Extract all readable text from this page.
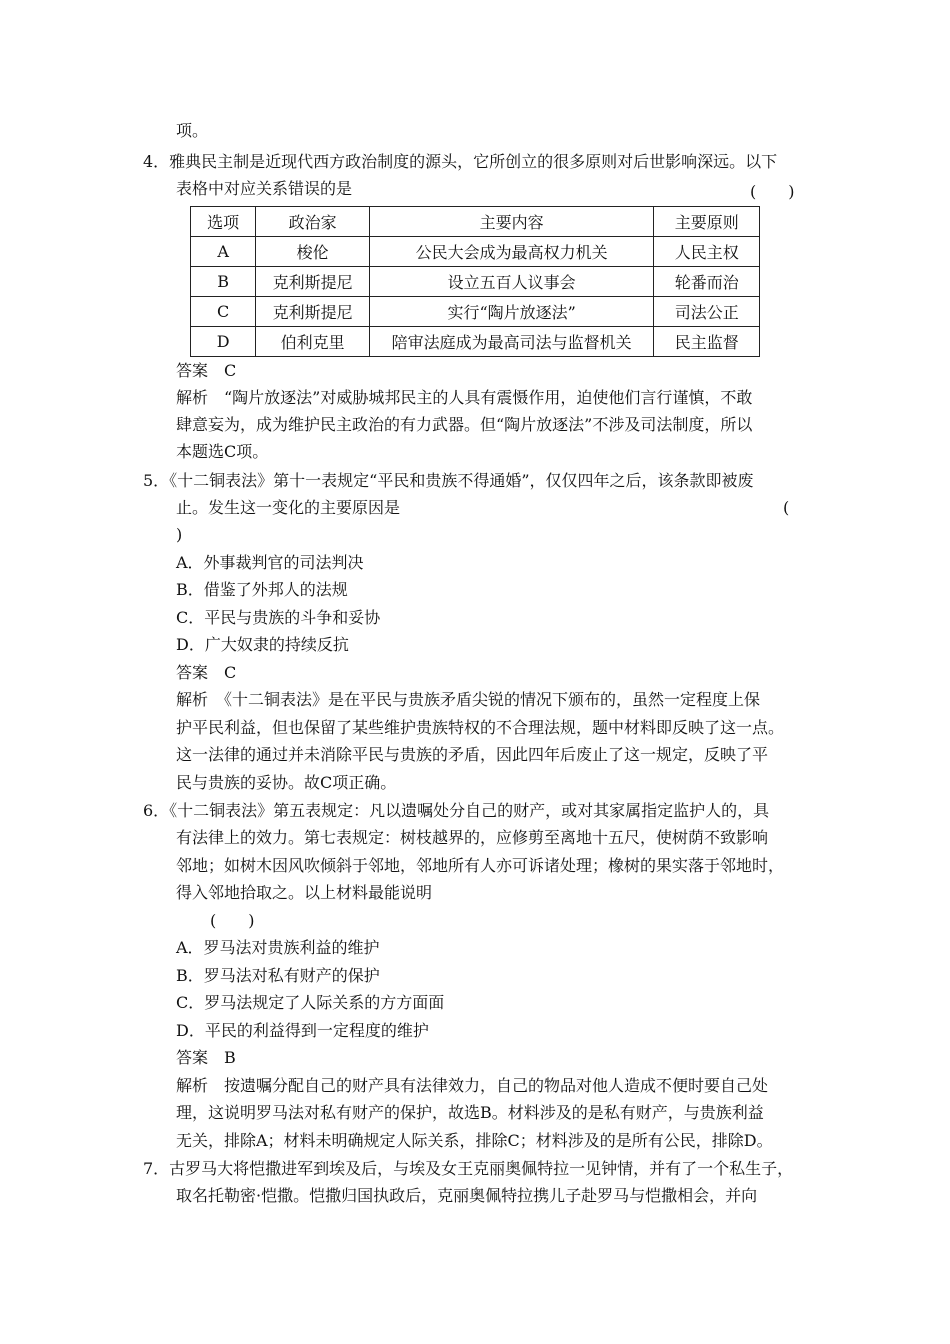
项。
4．雅典民主制是近现代西方政治制度的源头，它所创立的很多原则对后世影响深远。以下
表格中对应关系错误的是	(　　)
选项	政治家	主要内容	主要原则
A	梭伦	公民大会成为最高权力机关	人民主权
B	克利斯提尼	设立五百人议事会	轮番而治
C	克利斯提尼	实行“陶片放逐法”	司法公正
D	伯利克里	陪审法庭成为最高司法与监督机关	民主监督
答案　C
解析　“陶片放逐法”对威胁城邦民主的人具有震慑作用，迫使他们言行谨慎，不敢
肆意妄为，成为维护民主政治的有力武器。但“陶片放逐法”不涉及司法制度，所以
本题选C项。
5．《十二铜表法》第十一表规定“平民和贵族不得通婚”，仅仅四年之后，该条款即被废
止。发生这一变化的主要原因是	(
)
A．外事裁判官的司法判决
B．借鉴了外邦人的法规
C．平民与贵族的斗争和妥协
D．广大奴隶的持续反抗
答案　C
解析　《十二铜表法》是在平民与贵族矛盾尖锐的情况下颁布的，虽然一定程度上保
护平民利益，但也保留了某些维护贵族特权的不合理法规，题中材料即反映了这一点。
这一法律的通过并未消除平民与贵族的矛盾，因此四年后废止了这一规定，反映了平
民与贵族的妥协。故C项正确。
6．《十二铜表法》第五表规定：凡以遗嘱处分自己的财产，或对其家属指定监护人的，具
有法律上的效力。第七表规定：树枝越界的，应修剪至离地十五尺，使树荫不致影响
邻地；如树木因风吹倾斜于邻地，邻地所有人亦可诉诸处理；橡树的果实落于邻地时，
得入邻地拾取之。以上材料最能说明
(　　)
A．罗马法对贵族利益的维护
B．罗马法对私有财产的保护
C．罗马法规定了人际关系的方方面面
D．平民的利益得到一定程度的维护
答案　B
解析　按遗嘱分配自己的财产具有法律效力，自己的物品对他人造成不便时要自己处
理，这说明罗马法对私有财产的保护，故选B。材料涉及的是私有财产，与贵族利益
无关，排除A；材料未明确规定人际关系，排除C；材料涉及的是所有公民，排除D。
7．古罗马大将恺撒进军到埃及后，与埃及女王克丽奥佩特拉一见钟情，并有了一个私生子，
取名托勒密·恺撒。恺撒归国执政后，克丽奥佩特拉携儿子赴罗马与恺撒相会，并向
